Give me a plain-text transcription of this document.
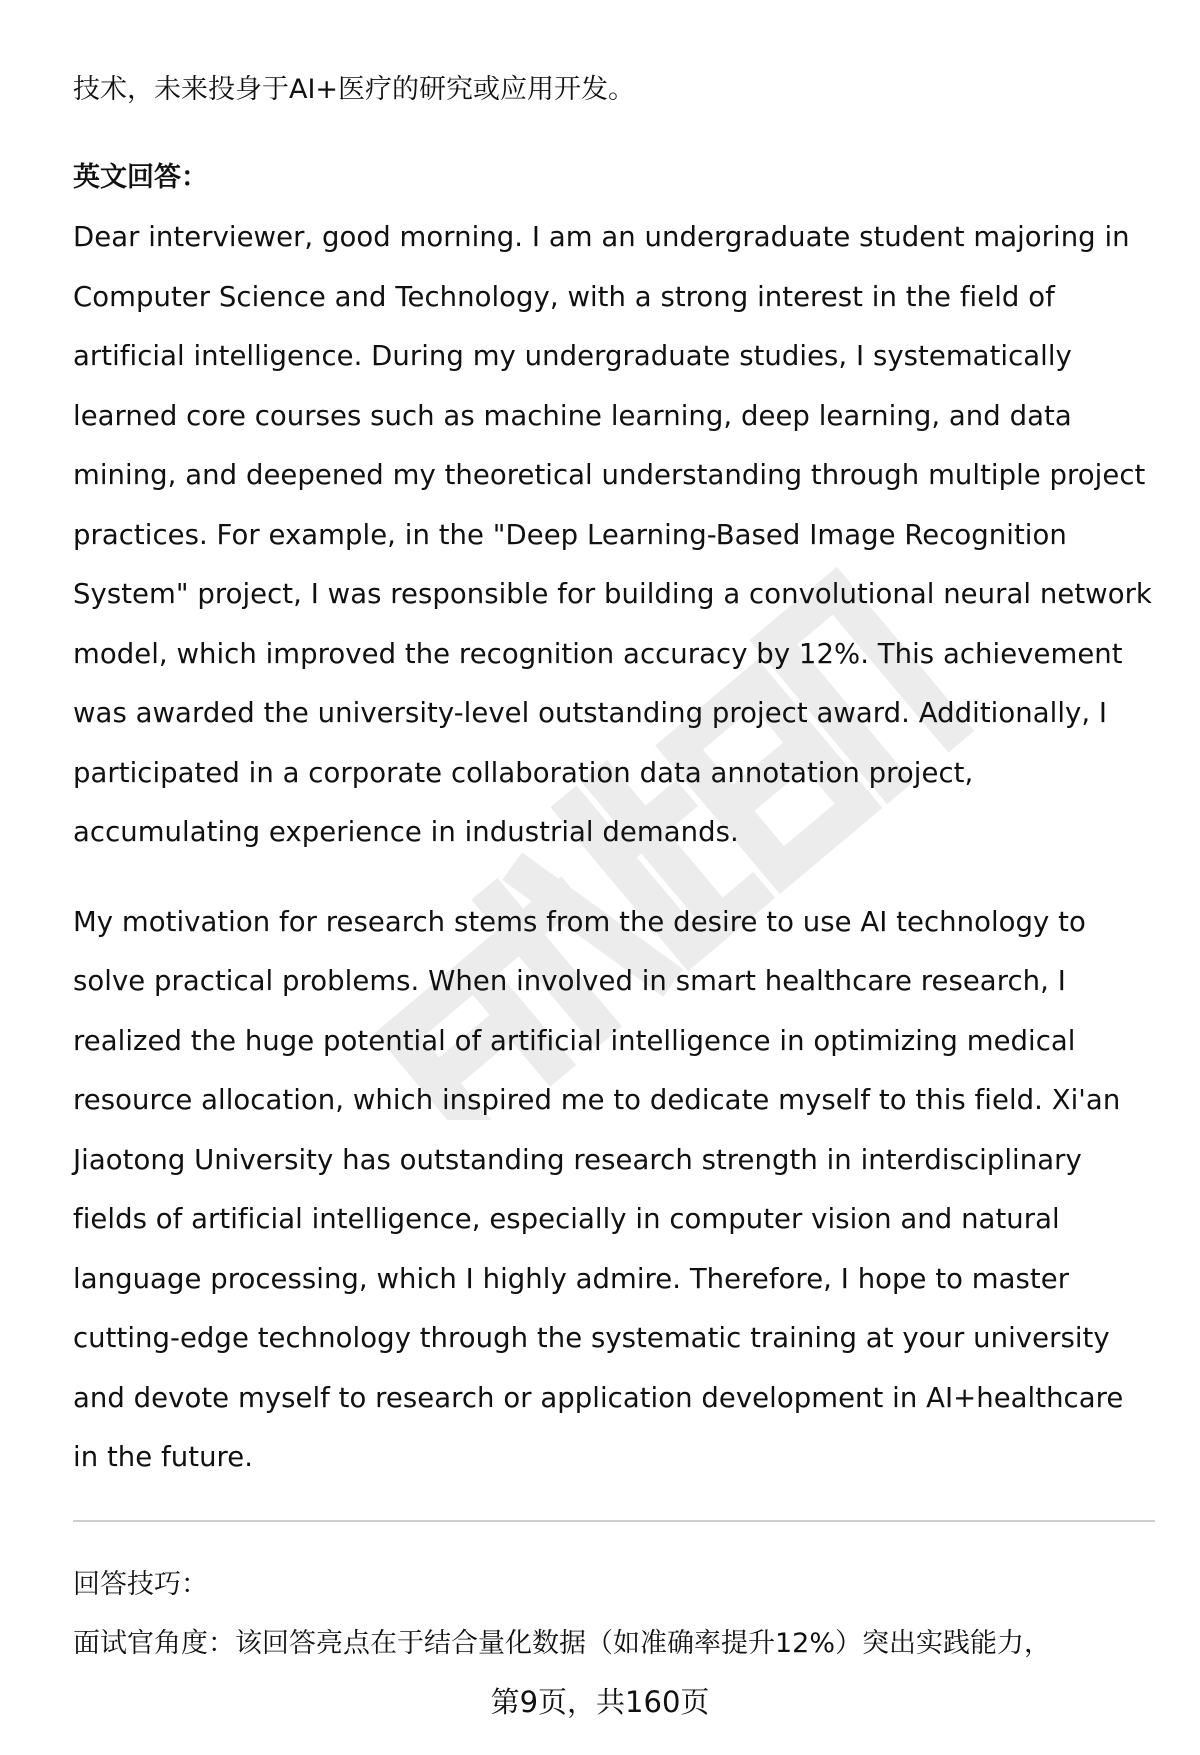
技术，未来投身于AI+医疗的研究或应用开发。

英文回答：

Dear interviewer, good morning. I am an undergraduate student majoring in Computer Science and Technology, with a strong interest in the field of artificial intelligence. During my undergraduate studies, I systematically learned core courses such as machine learning, deep learning, and data mining, and deepened my theoretical understanding through multiple project practices. For example, in the "Deep Learning-Based Image Recognition System" project, I was responsible for building a convolutional neural network model, which improved the recognition accuracy by 12%. This achievement was awarded the university-level outstanding project award. Additionally, I participated in a corporate collaboration data annotation project, accumulating experience in industrial demands.

My motivation for research stems from the desire to use AI technology to solve practical problems. When involved in smart healthcare research, I realized the huge potential of artificial intelligence in optimizing medical resource allocation, which inspired me to dedicate myself to this field. Xi'an Jiaotong University has outstanding research strength in interdisciplinary fields of artificial intelligence, especially in computer vision and natural language processing, which I highly admire. Therefore, I hope to master cutting-edge technology through the systematic training at your university and devote myself to research or application development in AI+healthcare in the future.

回答技巧：

面试官角度：该回答亮点在于结合量化数据（如准确率提升12%）突出实践能力，

第9页，共160页
